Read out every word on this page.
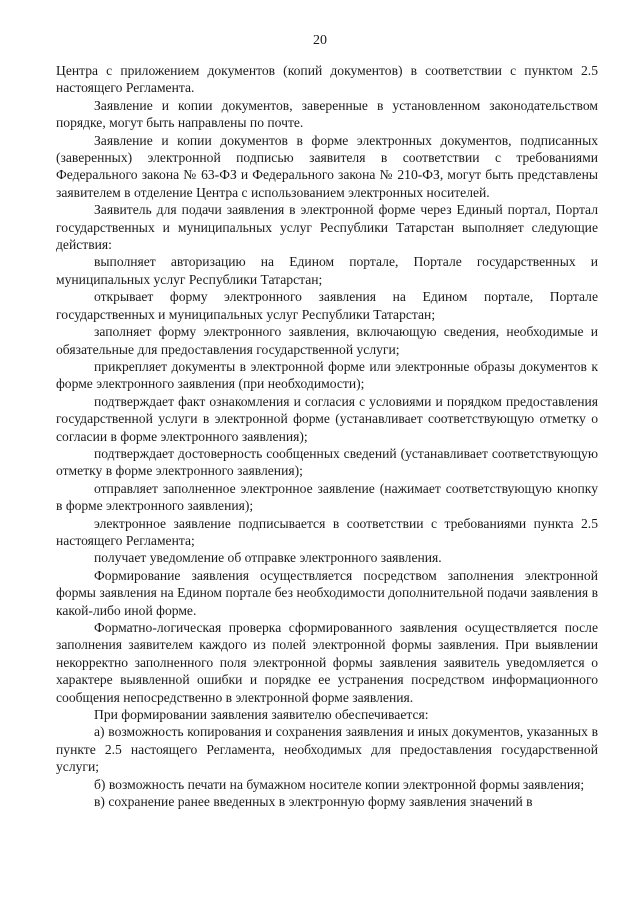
20

Центра с приложением документов (копий документов) в соответствии с пунктом 2.5 настоящего Регламента.

Заявление и копии документов, заверенные в установленном законодательством порядке, могут быть направлены по почте.

Заявление и копии документов в форме электронных документов, подписанных (заверенных) электронной подписью заявителя в соответствии с требованиями Федерального закона № 63-ФЗ и Федерального закона № 210-ФЗ, могут быть представлены заявителем в отделение Центра с использованием электронных носителей.

Заявитель для подачи заявления в электронной форме через Единый портал, Портал государственных и муниципальных услуг Республики Татарстан выполняет следующие действия:

выполняет авторизацию на Едином портале, Портале государственных и муниципальных услуг Республики Татарстан;

открывает форму электронного заявления на Едином портале, Портале государственных и муниципальных услуг Республики Татарстан;

заполняет форму электронного заявления, включающую сведения, необходимые и обязательные для предоставления государственной услуги;

прикрепляет документы в электронной форме или электронные образы документов к форме электронного заявления (при необходимости);

подтверждает факт ознакомления и согласия с условиями и порядком предоставления государственной услуги в электронной форме (устанавливает соответствующую отметку о согласии в форме электронного заявления);

подтверждает достоверность сообщенных сведений (устанавливает соответствующую отметку в форме электронного заявления);

отправляет заполненное электронное заявление (нажимает соответствующую кнопку в форме электронного заявления);

электронное заявление подписывается в соответствии с требованиями пункта 2.5 настоящего Регламента;

получает уведомление об отправке электронного заявления.

Формирование заявления осуществляется посредством заполнения электронной формы заявления на Едином портале без необходимости дополнительной подачи заявления в какой-либо иной форме.

Форматно-логическая проверка сформированного заявления осуществляется после заполнения заявителем каждого из полей электронной формы заявления. При выявлении некорректно заполненного поля электронной формы заявления заявитель уведомляется о характере выявленной ошибки и порядке ее устранения посредством информационного сообщения непосредственно в электронной форме заявления.

При формировании заявления заявителю обеспечивается:

а) возможность копирования и сохранения заявления и иных документов, указанных в пункте 2.5 настоящего Регламента, необходимых для предоставления государственной услуги;

б) возможность печати на бумажном носителе копии электронной формы заявления;

в) сохранение ранее введенных в электронную форму заявления значений в
